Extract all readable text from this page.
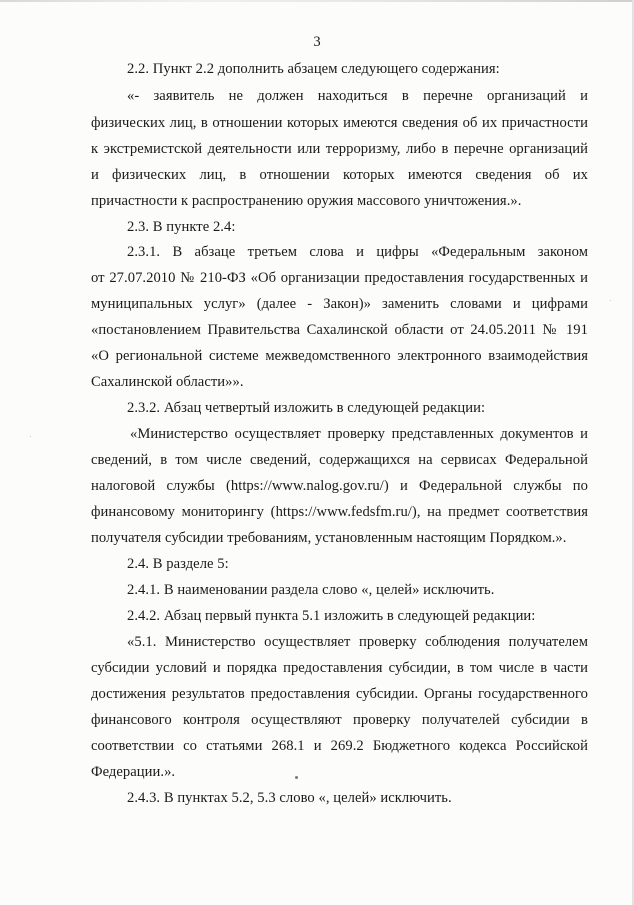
3
2.2. Пункт 2.2 дополнить абзацем следующего содержания:
«- заявитель не должен находиться в перечне организаций и
физических лиц, в отношении которых имеются сведения об их причастности
к экстремистской деятельности или терроризму, либо в перечне организаций
и физических лиц, в отношении которых имеются сведения об их
причастности к распространению оружия массового уничтожения.».
2.3. В пункте 2.4:
2.3.1. В абзаце третьем слова и цифры «Федеральным законом
от 27.07.2010 № 210-ФЗ «Об организации предоставления государственных и
муниципальных услуг» (далее - Закон)» заменить словами и цифрами
«постановлением Правительства Сахалинской области от 24.05.2011 № 191
«О региональной системе межведомственного электронного взаимодействия
Сахалинской области»».
2.3.2. Абзац четвертый изложить в следующей редакции:
«Министерство осуществляет проверку представленных документов и
сведений, в том числе сведений, содержащихся на сервисах Федеральной
налоговой службы (https://www.nalog.gov.ru/) и Федеральной службы по
финансовому мониторингу (https://www.fedsfm.ru/), на предмет соответствия
получателя субсидии требованиям, установленным настоящим Порядком.».
2.4. В разделе 5:
2.4.1. В наименовании раздела слово «, целей» исключить.
2.4.2. Абзац первый пункта 5.1 изложить в следующей редакции:
«5.1. Министерство осуществляет проверку соблюдения получателем
субсидии условий и порядка предоставления субсидии, в том числе в части
достижения результатов предоставления субсидии. Органы государственного
финансового контроля осуществляют проверку получателей субсидии в
соответствии со статьями 268.1 и 269.2 Бюджетного кодекса Российской
Федерации.».
2.4.3. В пунктах 5.2, 5.3 слово «, целей» исключить.
